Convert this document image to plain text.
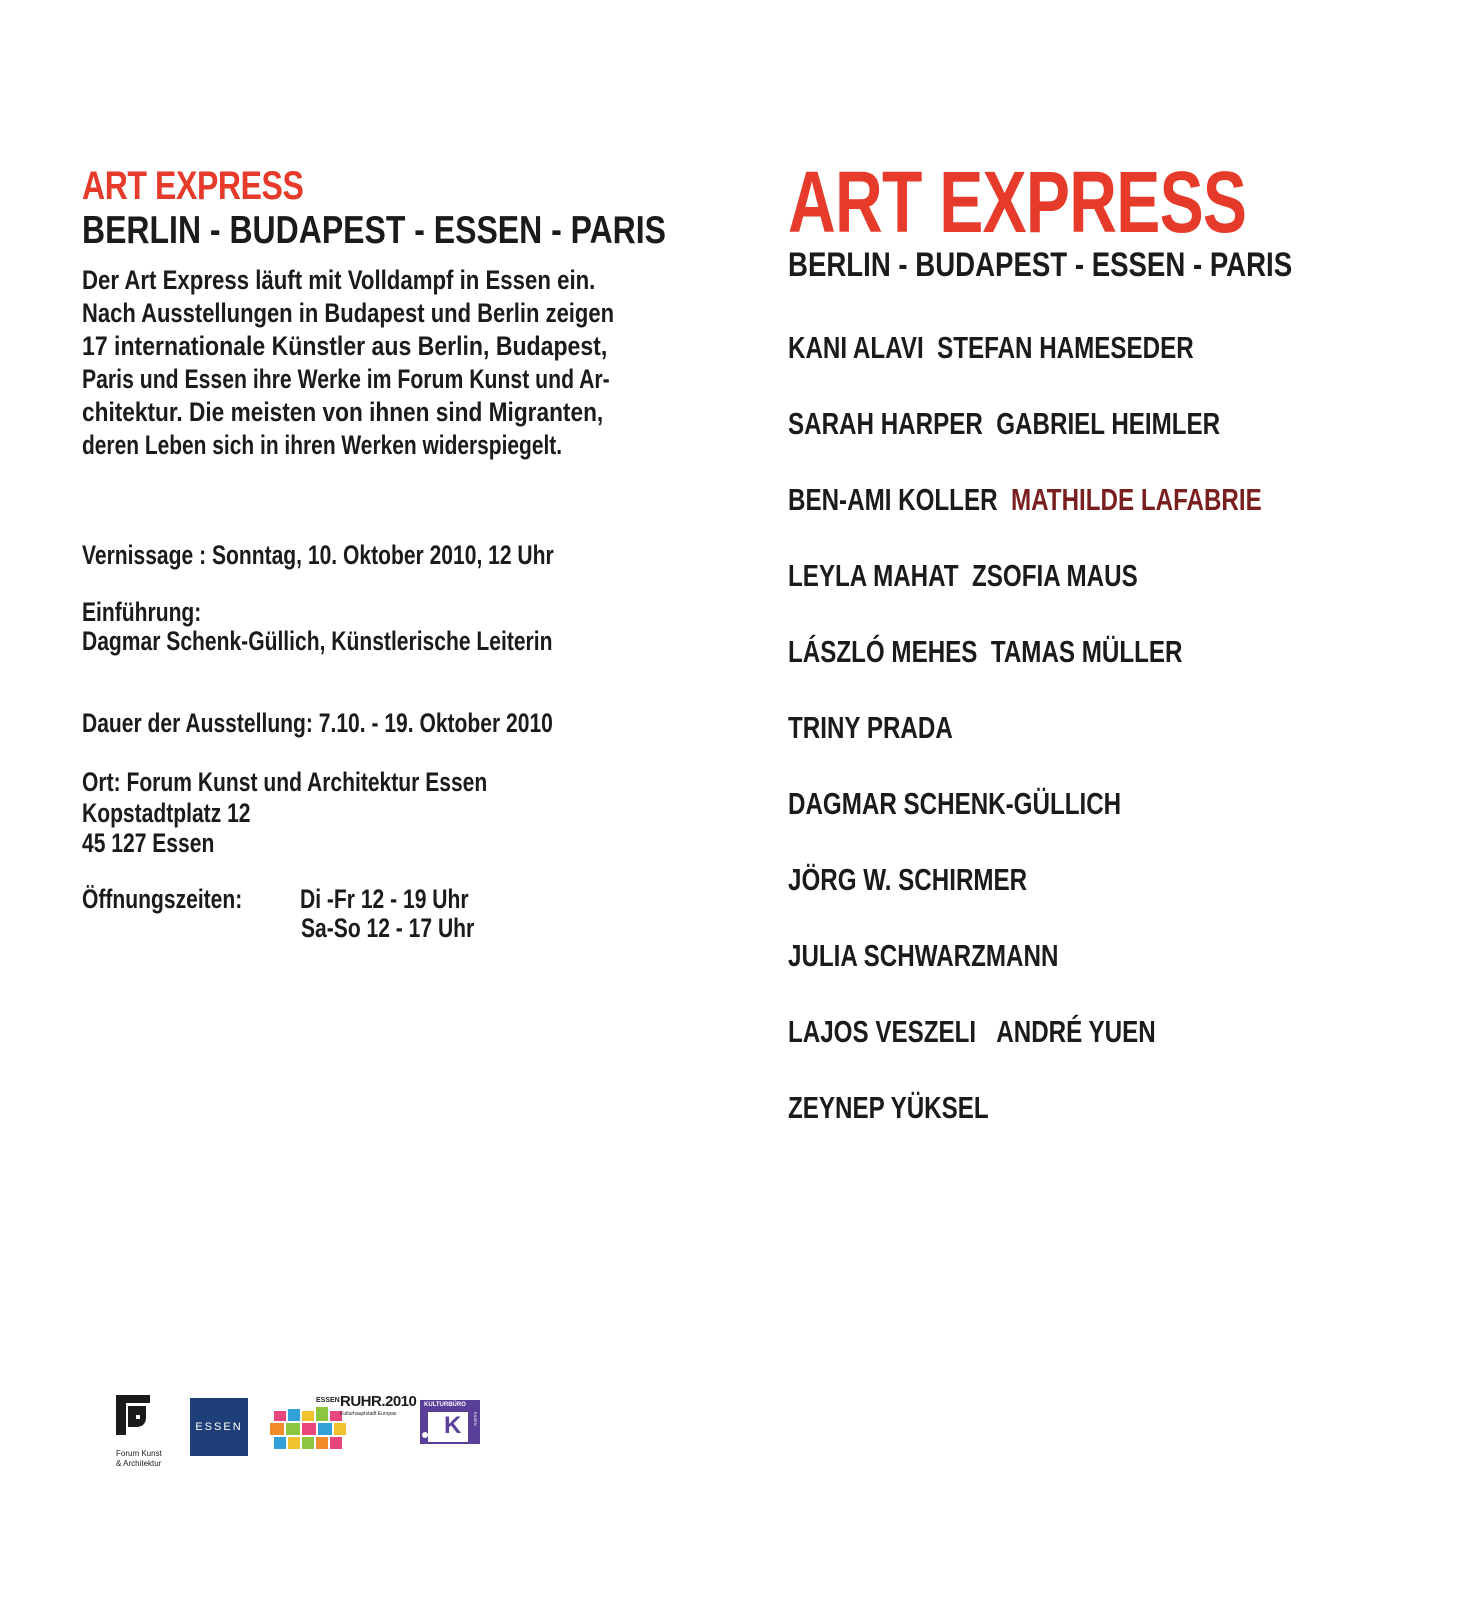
ART EXPRESS
BERLIN - BUDAPEST - ESSEN - PARIS
Der Art Express läuft mit Volldampf in Essen ein.
Nach Ausstellungen in Budapest und Berlin zeigen
17 internationale Künstler aus Berlin, Budapest,
Paris und Essen ihre Werke im Forum Kunst und Ar-
chitektur. Die meisten von ihnen sind Migranten,
deren Leben sich in ihren Werken widerspiegelt.
Vernissage : Sonntag, 10. Oktober 2010, 12 Uhr
Einführung:
Dagmar Schenk-Güllich, Künstlerische Leiterin
Dauer der Ausstellung: 7.10. - 19. Oktober 2010
Ort: Forum Kunst und Architektur Essen
Kopstadtplatz 12
45 127 Essen
Öffnungszeiten: Di -Fr 12 - 19 Uhr
Sa-So 12 - 17 Uhr
ART EXPRESS
BERLIN - BUDAPEST - ESSEN - PARIS
KANI ALAVI STEFAN HAMESEDER
SARAH HARPER GABRIEL HEIMLER
BEN-AMI KOLLER MATHILDE LAFABRIE
LEYLA MAHAT ZSOFIA MAUS
LÁSZLÓ MEHES TAMAS MÜLLER
TRINY PRADA
DAGMAR SCHENK-GÜLLICH
JÖRG W. SCHIRMER
JULIA SCHWARZMANN
LAJOS VESZELI ANDRÉ YUEN
ZEYNEP YÜKSEL
Forum Kunst
& Architektur
ESSEN
ESSEN RUHR.2010
Kulturhauptstadt Europas
KULTURBÜRO
ESSEN
K
